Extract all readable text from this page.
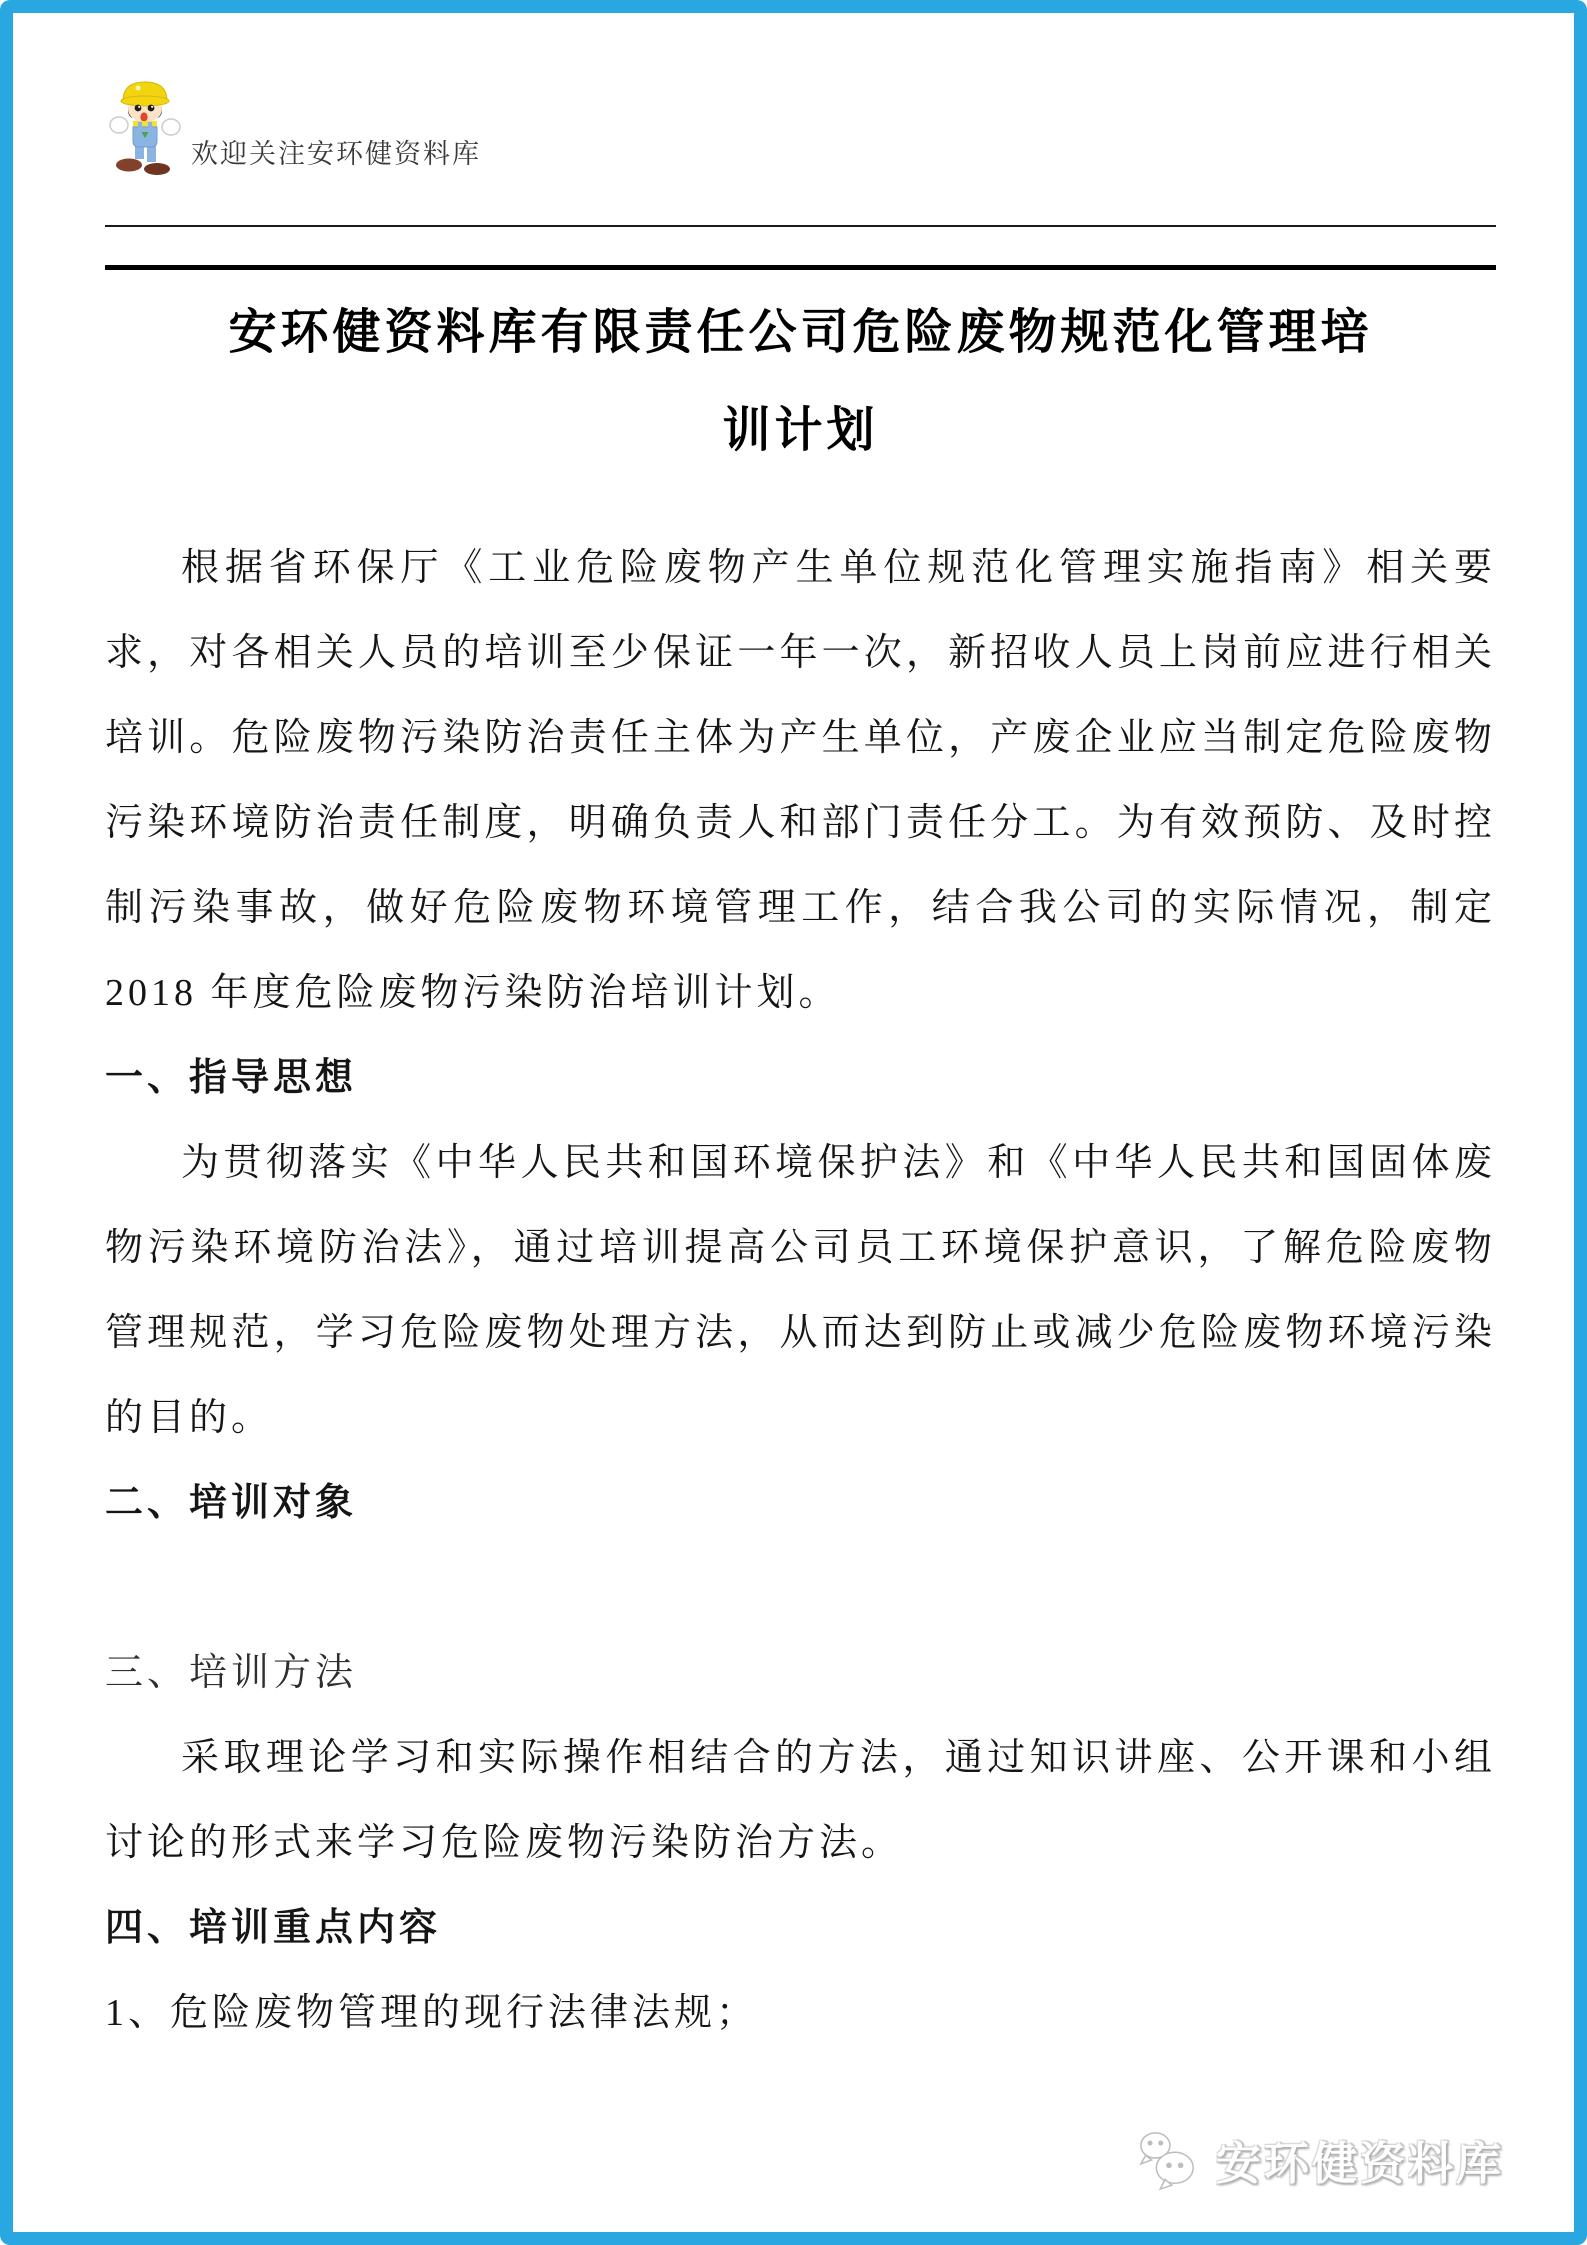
欢迎关注安环健资料库
安环健资料库有限责任公司危险废物规范化管理培
训计划

根据省环保厅《工业危险废物产生单位规范化管理实施指南》相关要求，对各相关人员的培训至少保证一年一次，新招收人员上岗前应进行相关培训。危险废物污染防治责任主体为产生单位，产废企业应当制定危险废物污染环境防治责任制度，明确负责人和部门责任分工。为有效预防、及时控制污染事故，做好危险废物环境管理工作，结合我公司的实际情况，制定 2018 年度危险废物污染防治培训计划。

一、指导思想

为贯彻落实《中华人民共和国环境保护法》和《中华人民共和国固体废物污染环境防治法》，通过培训提高公司员工环境保护意识，了解危险废物管理规范，学习危险废物处理方法，从而达到防止或减少危险废物环境污染的目的。

二、培训对象

三、培训方法

采取理论学习和实际操作相结合的方法，通过知识讲座、公开课和小组讨论的形式来学习危险废物污染防治方法。

四、培训重点内容

1、危险废物管理的现行法律法规；

安环健资料库
